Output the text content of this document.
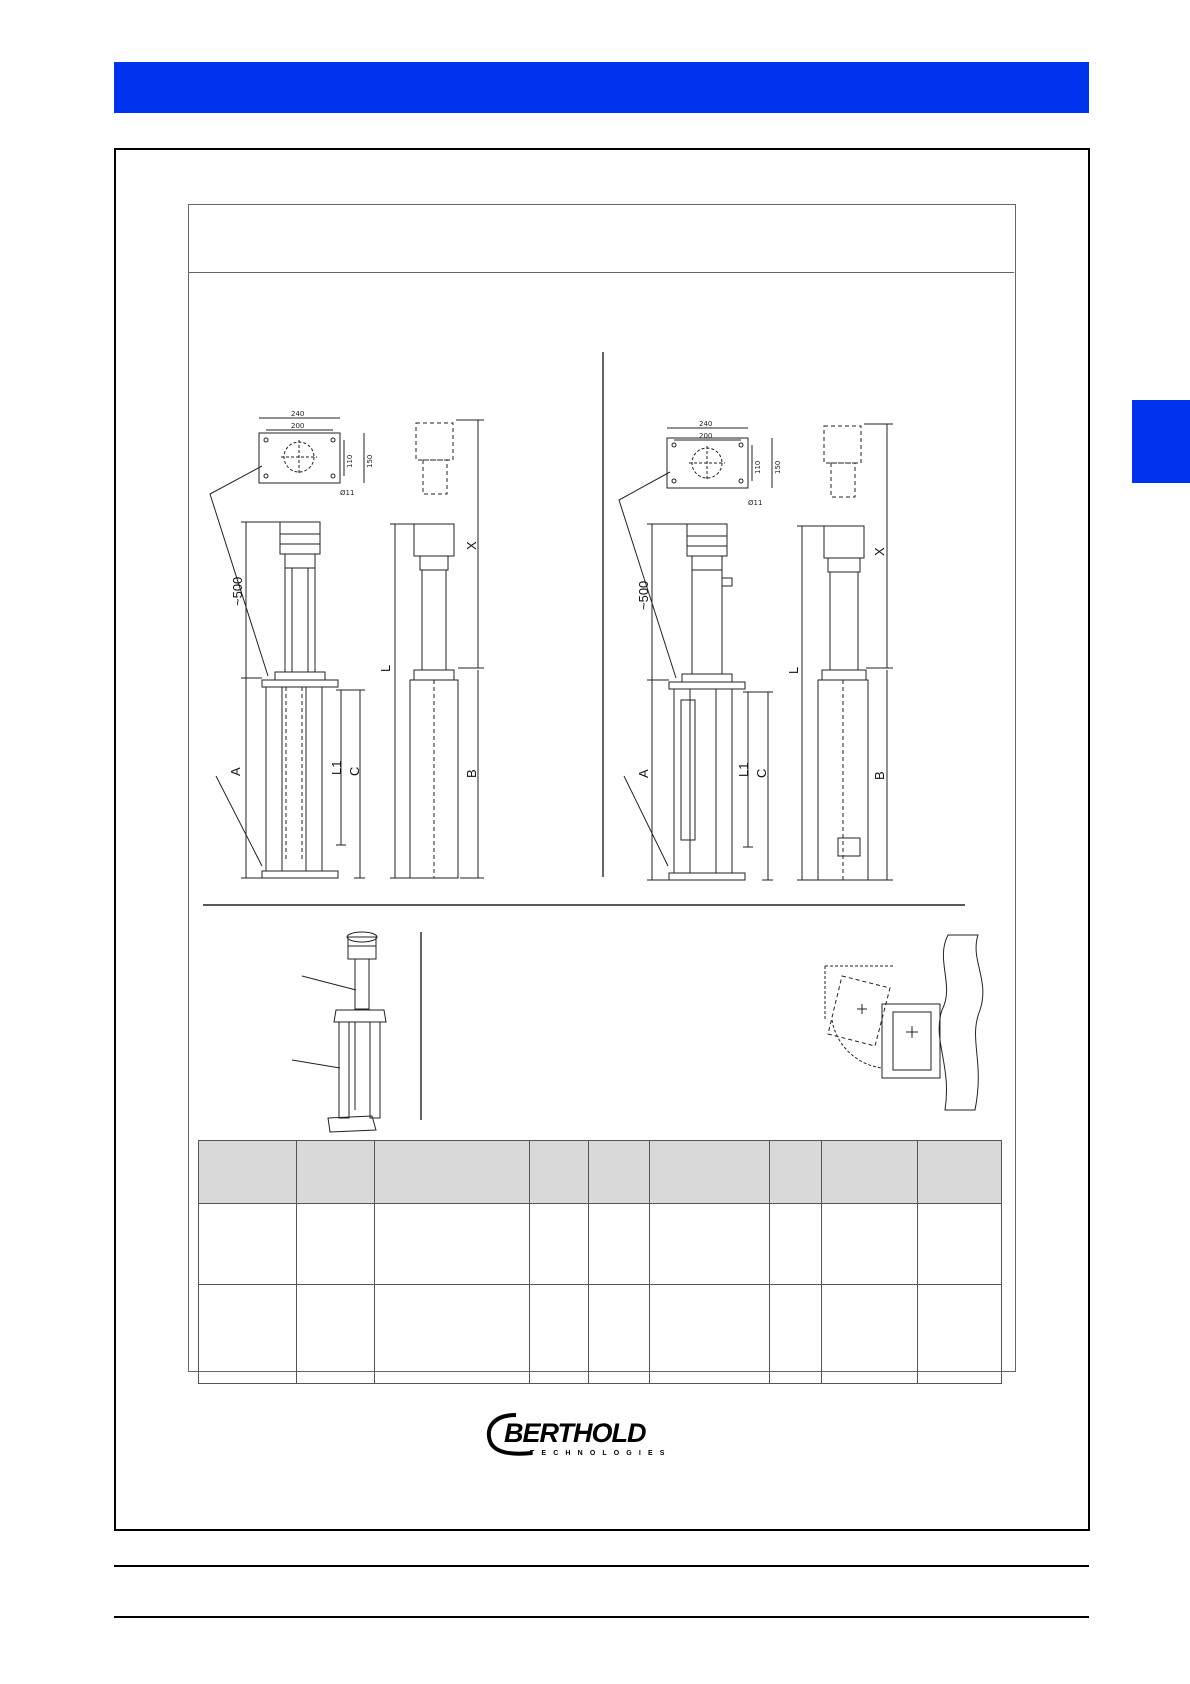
240
200
110 150
Ø11
~500
A	L1 C
L
B
X
240
200
110 150
Ø11
~500
A	L1 C
L
B
X

BERTHOLD
T E C H N O L O G I E S
